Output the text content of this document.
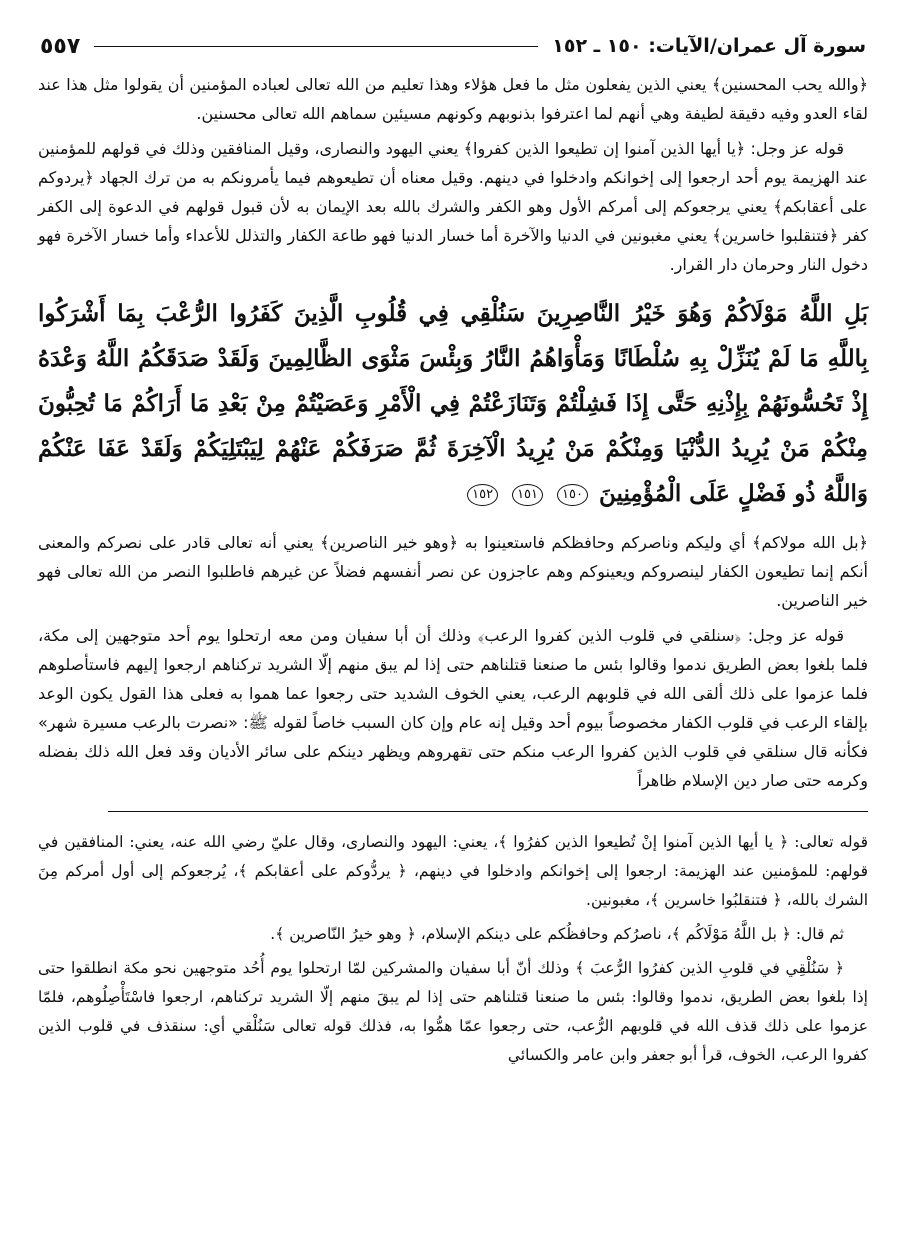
سورة آل عمران/الآيات: ١٥٠ ـ ١٥٢
٥٥٧

﴿والله يحب المحسنين﴾ يعني الذين يفعلون مثل ما فعل هؤلاء وهذا تعليم من الله تعالى لعباده المؤمنين أن يقولوا مثل هذا عند لقاء العدو وفيه دقيقة لطيفة وهي أنهم لما اعترفوا بذنوبهم وكونهم مسيئين سماهم الله تعالى محسنين.

قوله عز وجل: ﴿يا أيها الذين آمنوا إن تطيعوا الذين كفروا﴾ يعني اليهود والنصارى، وقيل المنافقين وذلك في قولهم للمؤمنين عند الهزيمة يوم أحد ارجعوا إلى إخوانكم وادخلوا في دينهم. وقيل معناه أن تطيعوهم فيما يأمرونكم به من ترك الجهاد ﴿يردوكم على أعقابكم﴾ يعني يرجعوكم إلى أمركم الأول وهو الكفر والشرك بالله بعد الإيمان به لأن قبول قولهم في الدعوة إلى الكفر كفر ﴿فتنقلبوا خاسرين﴾ يعني مغبونين في الدنيا والآخرة أما خسار الدنيا فهو طاعة الكفار والتذلل للأعداء وأما خسار الآخرة فهو دخول النار وحرمان دار القرار.

بَلِ اللَّهُ مَوْلَاكُمْ وَهُوَ خَيْرُ النَّاصِرِينَ سَنُلْقِي فِي قُلُوبِ الَّذِينَ كَفَرُوا الرُّعْبَ بِمَا أَشْرَكُوا بِاللَّهِ مَا لَمْ يُنَزِّلْ بِهِ سُلْطَانًا وَمَأْوَاهُمُ النَّارُ وَبِئْسَ مَثْوَى الظَّالِمِينَ وَلَقَدْ صَدَقَكُمُ اللَّهُ وَعْدَهُ إِذْ تَحُسُّونَهُمْ بِإِذْنِهِ حَتَّى إِذَا فَشِلْتُمْ وَتَنَازَعْتُمْ فِي الْأَمْرِ وَعَصَيْتُمْ مِنْ بَعْدِ مَا أَرَاكُمْ مَا تُحِبُّونَ مِنْكُمْ مَنْ يُرِيدُ الدُّنْيَا وَمِنْكُمْ مَنْ يُرِيدُ الْآخِرَةَ ثُمَّ صَرَفَكُمْ عَنْهُمْ لِيَبْتَلِيَكُمْ وَلَقَدْ عَفَا عَنْكُمْ وَاللَّهُ ذُو فَضْلٍ عَلَى الْمُؤْمِنِينَ ١٥٠ ١٥١ ١٥٢

﴿بل الله مولاكم﴾ أي وليكم وناصركم وحافظكم فاستعينوا به ﴿وهو خير الناصرين﴾ يعني أنه تعالى قادر على نصركم والمعنى أنكم إنما تطيعون الكفار لينصروكم ويعينوكم وهم عاجزون عن نصر أنفسهم فضلاً عن غيرهم فاطلبوا النصر من الله تعالى فهو خير الناصرين.

قوله عز وجل: ﴿سنلقي في قلوب الذين كفروا الرعب﴾ وذلك أن أبا سفيان ومن معه ارتحلوا يوم أحد متوجهين إلى مكة، فلما بلغوا بعض الطريق ندموا وقالوا بئس ما صنعنا قتلناهم حتى إذا لم يبق منهم إلّا الشريد تركناهم ارجعوا إليهم فاستأصلوهم فلما عزموا على ذلك ألقى الله في قلوبهم الرعب، يعني الخوف الشديد حتى رجعوا عما هموا به فعلى هذا القول يكون الوعد بإلقاء الرعب في قلوب الكفار مخصوصاً بيوم أحد وقيل إنه عام وإن كان السبب خاصاً لقوله ﷺ: «نصرت بالرعب مسيرة شهر» فكأنه قال سنلقي في قلوب الذين كفروا الرعب منكم حتى تقهروهم ويظهر دينكم على سائر الأديان وقد فعل الله ذلك بفضله وكرمه حتى صار دين الإسلام ظاهراً

قوله تعالى: ﴿ يا أيها الذين آمنوا إنْ تُطيعوا الذين كفرُوا ﴾، يعني: اليهود والنصارى، وقال عليّ رضي الله عنه، يعني: المنافقين في قولهم: للمؤمنين عند الهزيمة: ارجعوا إلى إخوانكم وادخلوا في دينهم، ﴿ يردُّوكم على أعقابكم ﴾، يُرجعوكم إلى أول أمركم مِنَ الشرك بالله، ﴿ فتنقلبُوا خاسرين ﴾، مغبونين.

ثم قال: ﴿ بل اللَّهُ مَوْلَاكُم ﴾، ناصرُكم وحافظُكم على دينكم الإسلام، ﴿ وهو خيرُ النّاصرين ﴾.

﴿ سَنُلْقِي في قلوبِ الذين كفرُوا الرُّعبَ ﴾ وذلك أنّ أبا سفيان والمشركين لمّا ارتحلوا يوم أُحُد متوجهين نحو مكة انطلقوا حتى إذا بلغوا بعض الطريق، ندموا وقالوا: بئس ما صنعنا قتلناهم حتى إذا لم يبقَ منهم إلّا الشريد تركناهم، ارجعوا فاسْتَأْصِلُوهم، فلمّا عزموا على ذلك قذف الله في قلوبهم الرُّعب، حتى رجعوا عمّا همُّوا به، فذلك قوله تعالى سَنُلْقي أي: سنقذف في قلوب الذين كفروا الرعب، الخوف، قرأ أبو جعفر وابن عامر والكسائي
